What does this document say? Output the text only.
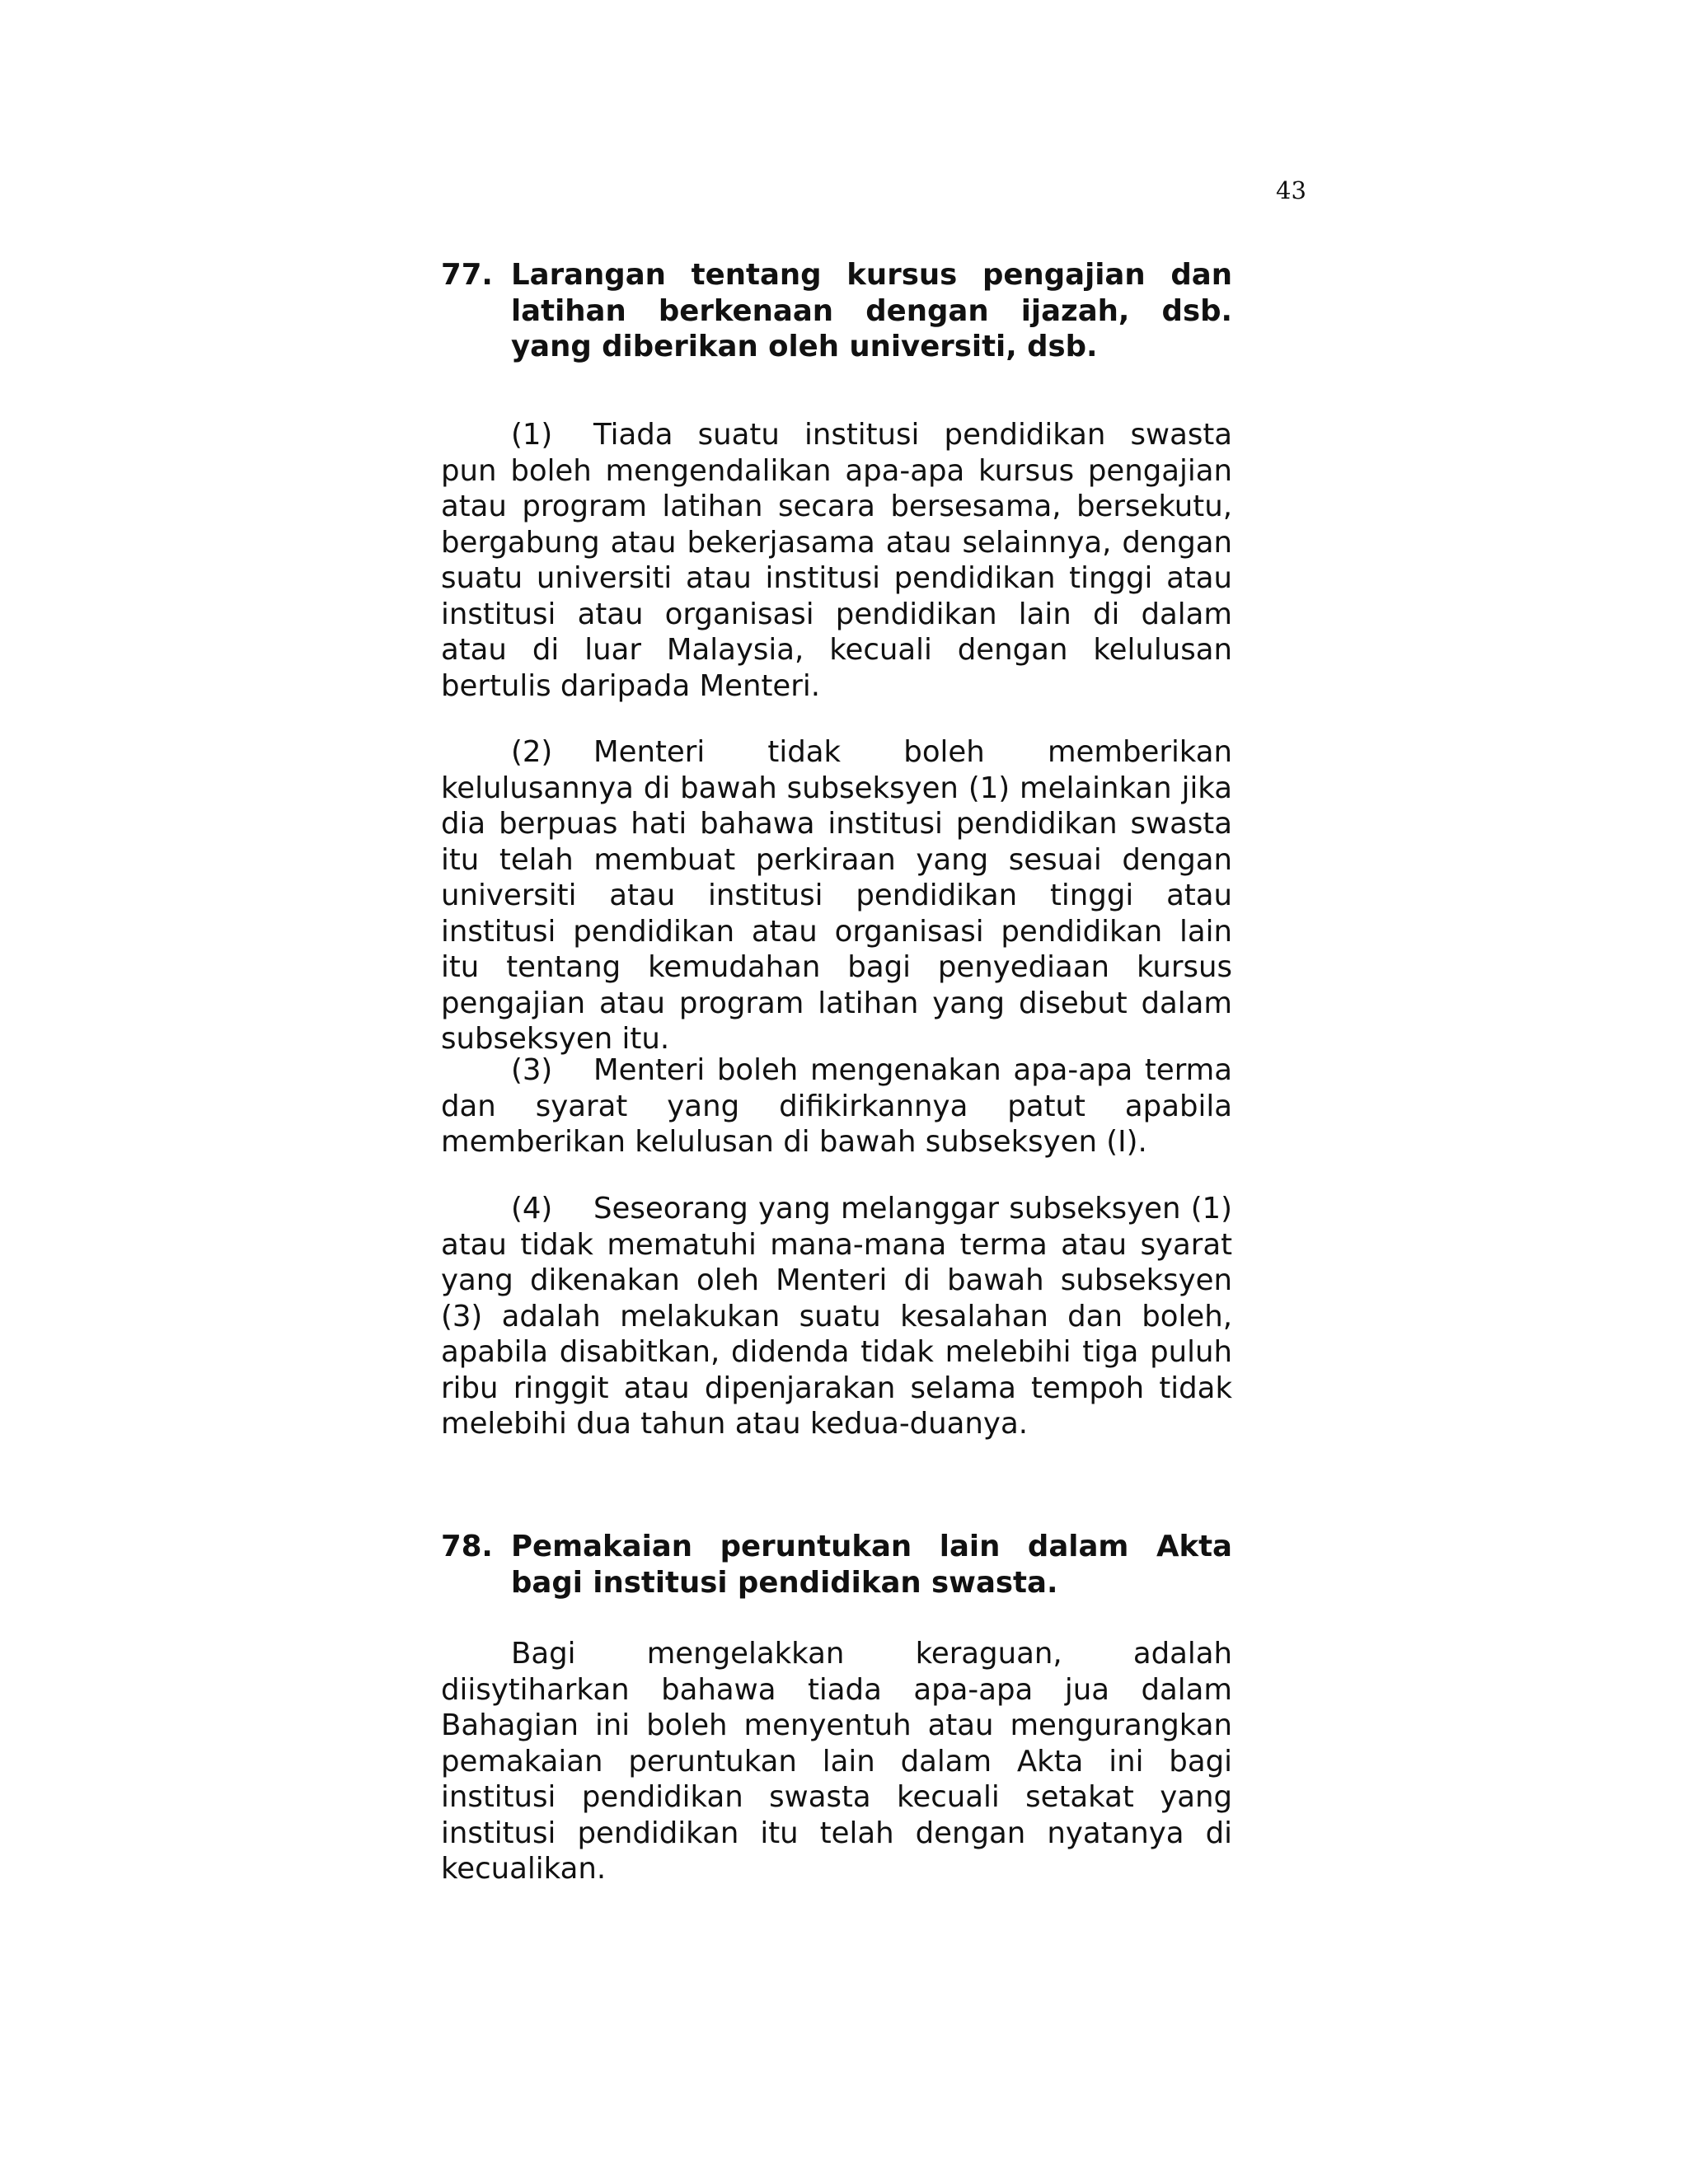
43
77. Larangan tentang kursus pengajian dan latihan berkenaan dengan ijazah, dsb. yang diberikan oleh universiti, dsb.

(1) Tiada suatu institusi pendidikan swasta pun boleh mengendalikan apa-apa kursus pengajian atau program latihan secara bersesama, bersekutu, bergabung atau bekerjasama atau selainnya, dengan suatu universiti atau institusi pendidikan tinggi atau institusi atau organisasi pendidikan lain di dalam atau di luar Malaysia, kecuali dengan kelulusan bertulis daripada Menteri.

(2) Menteri tidak boleh memberikan kelulusannya di bawah subseksyen (1) melainkan jika dia berpuas hati bahawa institusi pendidikan swasta itu telah membuat perkiraan yang sesuai dengan universiti atau institusi pendidikan tinggi atau institusi pendidikan atau organisasi pendidikan lain itu tentang kemudahan bagi penyediaan kursus pengajian atau program latihan yang disebut dalam subseksyen itu.

(3) Menteri boleh mengenakan apa-apa terma dan syarat yang difikirkannya patut apabila memberikan kelulusan di bawah subseksyen (I).

(4) Seseorang yang melanggar subseksyen (1) atau tidak mematuhi mana-mana terma atau syarat yang dikenakan oleh Menteri di bawah subseksyen (3) adalah melakukan suatu kesalahan dan boleh, apabila disabitkan, didenda tidak melebihi tiga puluh ribu ringgit atau dipenjarakan selama tempoh tidak melebihi dua tahun atau kedua-duanya.

78. Pemakaian peruntukan lain dalam Akta bagi institusi pendidikan swasta.

Bagi mengelakkan keraguan, adalah diisytiharkan bahawa tiada apa-apa jua dalam Bahagian ini boleh menyentuh atau mengurangkan pemakaian peruntukan lain dalam Akta ini bagi institusi pendidikan swasta kecuali setakat yang institusi pendidikan itu telah dengan nyatanya di kecualikan.
